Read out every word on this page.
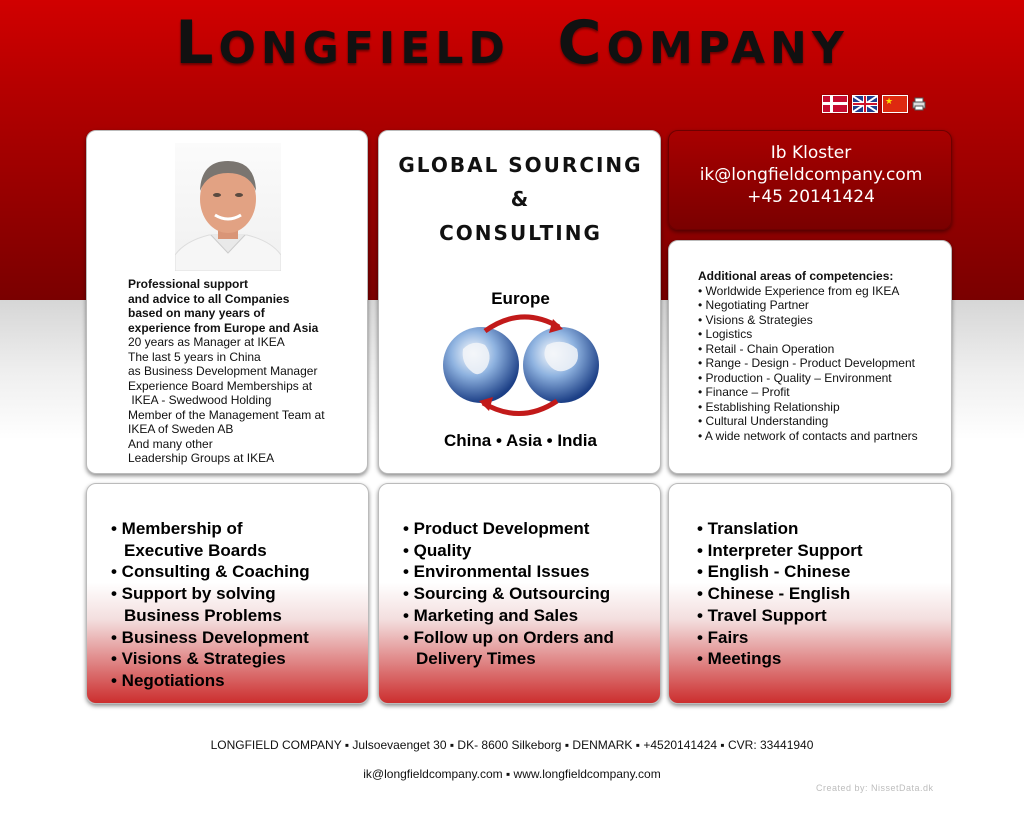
LONGFIELD COMPANY
★
Professional support
and advice to all Companies
based on many years of
experience from Europe and Asia
20 years as Manager at IKEA
The last 5 years in China
as Business Development Manager
Experience Board Memberships at
IKEA - Swedwood Holding
Member of the Management Team at
IKEA of Sweden AB
And many other
Leadership Groups at IKEA
GLOBAL SOURCING
&
CONSULTING
Europe
China • Asia • India
Ib Kloster
ik@longfieldcompany.com
+45 20141424
Additional areas of competencies:
• Worldwide Experience from eg IKEA
• Negotiating Partner
• Visions & Strategies
• Logistics
• Retail - Chain Operation
• Range - Design - Product Development
• Production - Quality – Environment
• Finance – Profit
• Establishing Relationship
• Cultural Understanding
• A wide network of contacts and partners
• Membership of
Executive Boards
• Consulting & Coaching
• Support by solving
Business Problems
• Business Development
• Visions & Strategies
• Negotiations
• Product Development
• Quality
• Environmental Issues
• Sourcing & Outsourcing
• Marketing and Sales
• Follow up on Orders and
Delivery Times
• Translation
• Interpreter Support
• English - Chinese
• Chinese - English
• Travel Support
• Fairs
• Meetings
LONGFIELD COMPANY ▪ Julsoevaenget 30 ▪ DK- 8600 Silkeborg ▪ DENMARK ▪ +4520141424 ▪ CVR: 33441940
ik@longfieldcompany.com ▪ www.longfieldcompany.com
Created by: NissetData.dk
